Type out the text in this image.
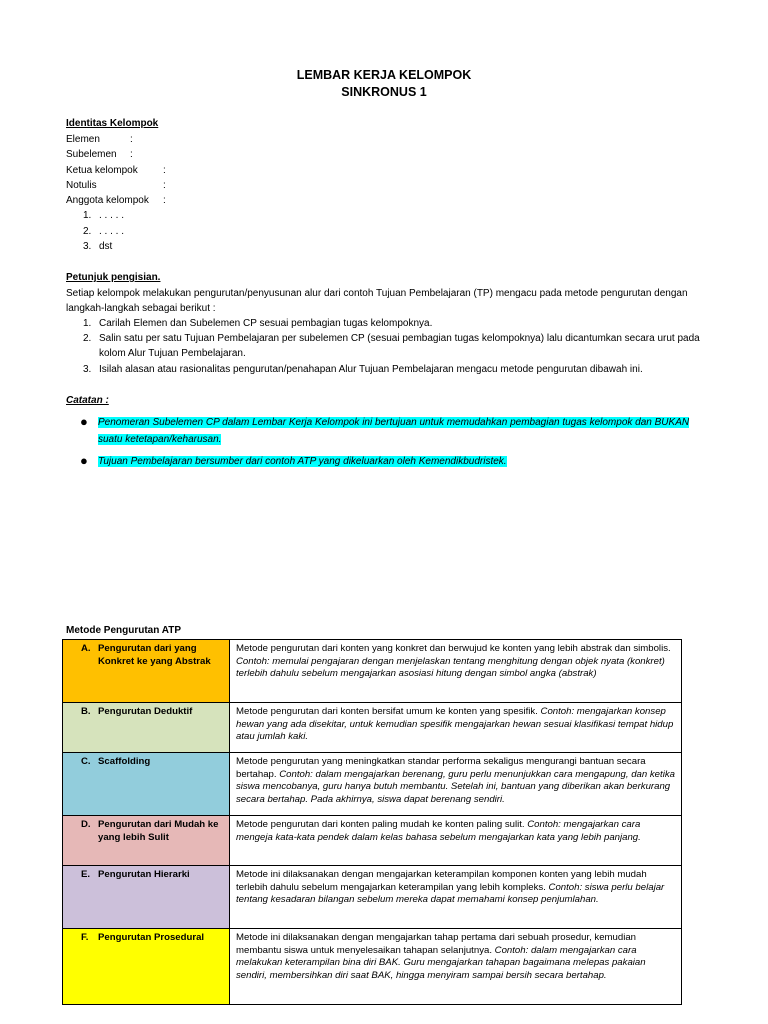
LEMBAR KERJA KELOMPOK
SINKRONUS 1
Identitas Kelompok
Elemen	:
Subelemen :
Ketua kelompok	:
Notulis	:
Anggota kelompok :
1. . . . . .
2. . . . . .
3. dst
Petunjuk pengisian.
Setiap kelompok melakukan pengurutan/penyusunan alur dari contoh Tujuan Pembelajaran (TP) mengacu pada metode pengurutan dengan
langkah-langkah sebagai berikut :
1. Carilah Elemen dan Subelemen CP sesuai pembagian tugas kelompoknya.
2. Salin satu per satu Tujuan Pembelajaran per subelemen CP (sesuai pembagian tugas kelompoknya) lalu dicantumkan secara urut pada
kolom Alur Tujuan Pembelajaran.
3. Isilah alasan atau rasionalitas pengurutan/penahapan Alur Tujuan Pembelajaran mengacu metode pengurutan dibawah ini.
Catatan :
● Penomeran Subelemen CP dalam Lembar Kerja Kelompok ini bertujuan untuk memudahkan pembagian tugas kelompok dan BUKAN
suatu ketetapan/keharusan.
● Tujuan Pembelajaran bersumber dari contoh ATP yang dikeluarkan oleh Kemendikbudristek.
Metode Pengurutan ATP
A. Pengurutan dari yang Konkret ke yang Abstrak	Metode pengurutan dari konten yang konkret dan berwujud ke konten yang lebih abstrak dan simbolis. Contoh: memulai pengajaran dengan menjelaskan tentang menghitung dengan objek nyata (konkret) terlebih dahulu sebelum mengajarkan asosiasi hitung dengan simbol angka (abstrak)

B. Pengurutan Deduktif	Metode pengurutan dari konten bersifat umum ke konten yang spesifik. Contoh: mengajarkan konsep hewan yang ada disekitar, untuk kemudian spesifik mengajarkan hewan sesuai klasifikasi tempat hidup atau jumlah kaki.

C. Scaffolding	Metode pengurutan yang meningkatkan standar performa sekaligus mengurangi bantuan secara bertahap. Contoh: dalam mengajarkan berenang, guru perlu menunjukkan cara mengapung, dan ketika siswa mencobanya, guru hanya butuh membantu. Setelah ini, bantuan yang diberikan akan berkurang secara bertahap. Pada akhirnya, siswa dapat berenang sendiri.

D. Pengurutan dari Mudah ke yang lebih Sulit	Metode pengurutan dari konten paling mudah ke konten paling sulit. Contoh: mengajarkan cara mengeja kata-kata pendek dalam kelas bahasa sebelum mengajarkan kata yang lebih panjang.

E. Pengurutan Hierarki	Metode ini dilaksanakan dengan mengajarkan keterampilan komponen konten yang lebih mudah terlebih dahulu sebelum mengajarkan keterampilan yang lebih kompleks. Contoh: siswa perlu belajar tentang kesadaran bilangan sebelum mereka dapat memahami konsep penjumlahan.

F. Pengurutan Prosedural	Metode ini dilaksanakan dengan mengajarkan tahap pertama dari sebuah prosedur, kemudian membantu siswa untuk menyelesaikan tahapan selanjutnya. Contoh: dalam mengajarkan cara melakukan keterampilan bina diri BAK. Guru mengajarkan tahapan bagaimana melepas pakaian sendiri, membersihkan diri saat BAK, hingga menyiram sampai bersih secara bertahap.
